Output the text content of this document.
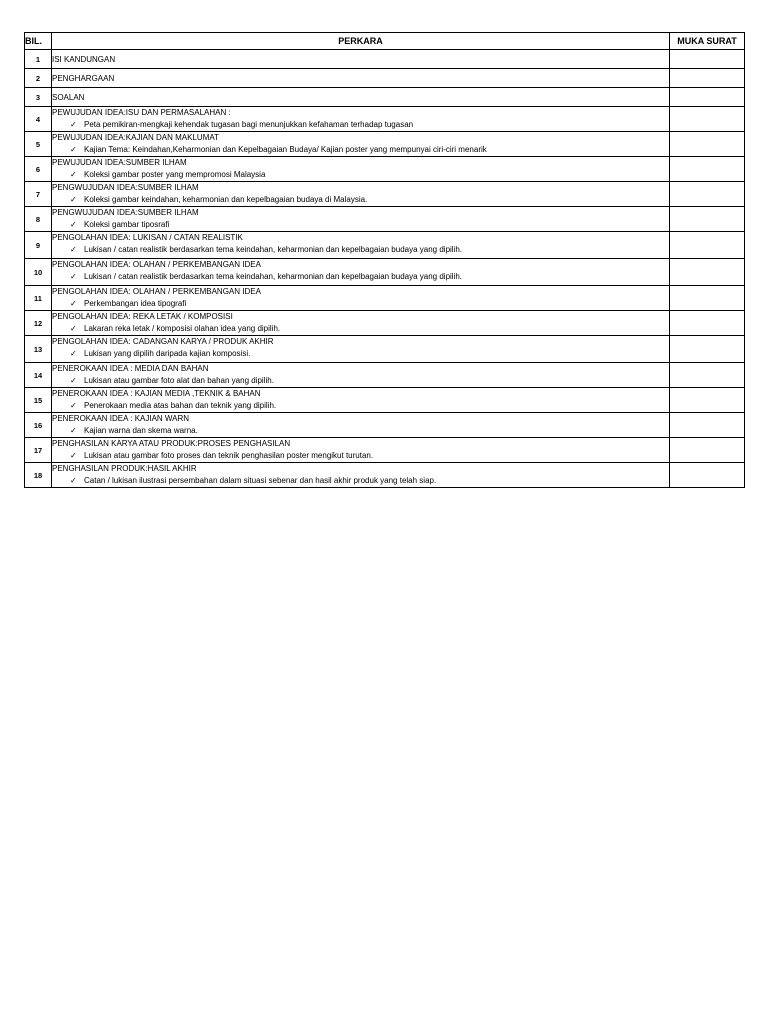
BIL.	PERKARA	MUKA SURAT
1	ISI KANDUNGAN	

2	PENGHARGAAN	

3	SOALAN	

4	PEWUJUDAN IDEA:ISU DAN PERMASALAHAN :
✓ Peta pemikiran-mengkaji kehendak tugasan bagi menunjukkan kefahaman terhadap tugasan	

5	PEWUJUDAN IDEA:KAJIAN DAN MAKLUMAT
✓ Kajian Tema: Keindahan,Keharmonian dan Kepelbagaian Budaya/ Kajian poster yang mempunyai ciri-ciri menarik	

6	PEWUJUDAN IDEA:SUMBER ILHAM
✓ Koleksi gambar poster yang mempromosi Malaysia	

7	PENGWUJUDAN IDEA:SUMBER ILHAM
✓ Koleksi gambar keindahan, keharmonian dan kepelbagaian budaya di Malaysia.	

8	PENGWUJUDAN IDEA:SUMBER ILHAM
✓ Koleksi gambar tiposrafi	

9	PENGOLAHAN IDEA: LUKISAN / CATAN REALISTIK
✓ Lukisan / catan realistik berdasarkan tema keindahan, keharmonian dan kepelbagaian budaya yang dipilih.	

10	PENGOLAHAN IDEA: OLAHAN / PERKEMBANGAN IDEA
✓ Lukisan / catan realistik berdasarkan tema keindahan, keharmonian dan kepelbagaian budaya yang dipilih.	

11	PENGOLAHAN IDEA: OLAHAN / PERKEMBANGAN IDEA
✓ Perkembangan idea tipografi	

12	PENGOLAHAN IDEA: REKA LETAK / KOMPOSISI
✓ Lakaran reka letak / komposisi olahan idea yang dipilih.	

13	PENGOLAHAN IDEA: CADANGAN KARYA / PRODUK AKHIR
✓ Lukisan yang dipilih daripada kajian komposisi.	

14	PENEROKAAN IDEA : MEDIA DAN BAHAN
✓ Lukisan atau gambar foto alat dan bahan yang dipilih.	

15	PENEROKAAN IDEA : KAJIAN MEDIA ,TEKNIK & BAHAN
✓ Penerokaan media atas bahan dan teknik yang dipilih.	

16	PENEROKAAN IDEA : KAJIAN WARN
✓ Kajian warna dan skema warna.	

17	PENGHASILAN KARYA ATAU PRODUK:PROSES PENGHASILAN
✓ Lukisan atau gambar foto proses dan teknik penghasilan poster mengikut turutan.	

18	PENGHASILAN PRODUK:HASIL AKHIR
✓ Catan / lukisan ilustrasi persembahan dalam situasi sebenar dan hasil akhir produk yang telah siap.	
